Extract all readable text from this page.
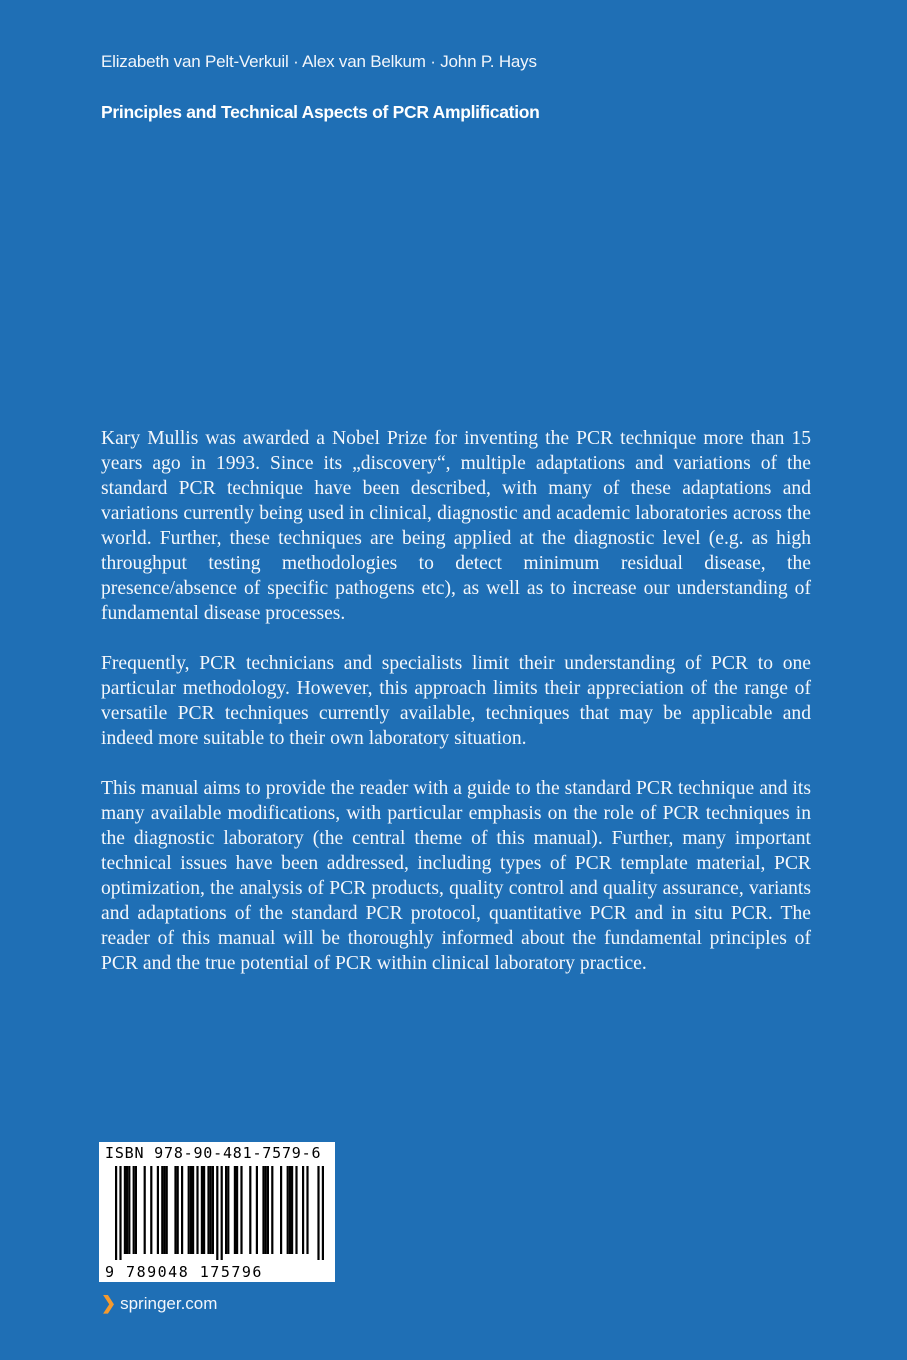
Elizabeth van Pelt-Verkuil · Alex van Belkum · John P. Hays
Principles and Technical Aspects of PCR Amplification

Kary Mullis was awarded a Nobel Prize for inventing the PCR technique more than 15 years ago in 1993. Since its „discovery“, multiple adaptations and variations of the standard PCR technique have been described, with many of these adaptations and variations currently being used in clinical, diagnostic and academic laboratories across the world. Further, these techniques are being applied at the diagnostic level (e.g. as high throughput testing methodologies to detect minimum residual disease, the presence/absence of specific pathogens etc), as well as to increase our understanding of fundamental disease processes.

Frequently, PCR technicians and specialists limit their understanding of PCR to one particular methodology. However, this approach limits their appreciation of the range of versatile PCR techniques currently available, techniques that may be applicable and indeed more suitable to their own laboratory situation.

This manual aims to provide the reader with a guide to the standard PCR technique and its many available modifications, with particular emphasis on the role of PCR techniques in the diagnostic laboratory (the central theme of this manual). Further, many important technical issues have been addressed, including types of PCR template material, PCR optimization, the analysis of PCR products, quality control and quality assurance, variants and adaptations of the standard PCR protocol, quantitative PCR and in situ PCR. The reader of this manual will be thoroughly informed about the fundamental principles of PCR and the true potential of PCR within clinical laboratory practice.

ISBN 978-90-481-7579-6
9 789048 175796
❯ springer.com
